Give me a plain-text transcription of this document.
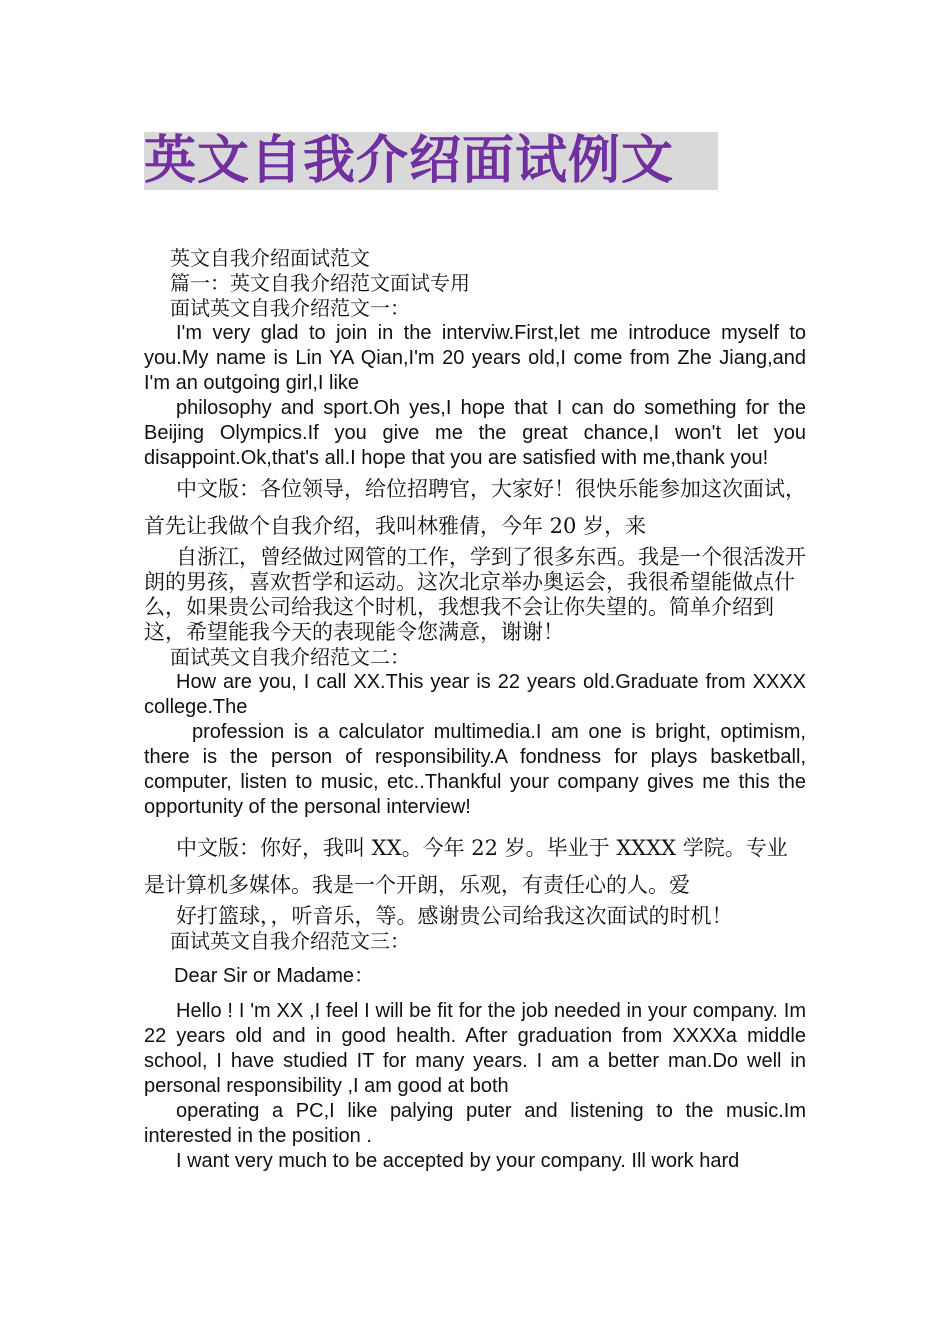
英文自我介绍面试例文

英文自我介绍面试范文

篇一：英文自我介绍范文面试专用

面试英文自我介绍范文一：

I'm very glad to join in the interviw.First,let me introduce myself to you.My name is Lin YA Qian,I'm 20 years old,I come from Zhe Jiang,and I'm an outgoing girl,I like

philosophy and sport.Oh yes,I hope that I can do something for the Beijing Olympics.If you give me the great chance,I won't let you disappoint.Ok,that's all.I hope that you are satisfied with me,thank you!

中文版：各位领导，给位招聘官，大家好！很快乐能参加这次面试，首先让我做个自我介绍，我叫林雅倩，今年 20 岁，来

自浙江，曾经做过网管的工作，学到了很多东西。我是一个很活泼开朗的男孩，喜欢哲学和运动。这次北京举办奥运会，我很希望能做点什么，如果贵公司给我这个时机，我想我不会让你失望的。简单介绍到这，希望能我今天的表现能令您满意，谢谢！

面试英文自我介绍范文二：

How are you, I call XX.This year is 22 years old.Graduate from XXXX college.The

profession is a calculator multimedia.I am one is bright, optimism, there is the person of responsibility.A fondness for plays basketball, computer, listen to music, etc..Thankful your company gives me this the opportunity of the personal interview!

中文版：你好，我叫 XX。今年 22 岁。毕业于 XXXX 学院。专业是计算机多媒体。我是一个开朗，乐观，有责任心的人。爱

好打篮球，，听音乐，等。感谢贵公司给我这次面试的时机！

面试英文自我介绍范文三：

Dear Sir or Madame：

Hello ! I 'm XX ,I feel I will be fit for the job needed in your company. Im 22 years old and in good health. After graduation from XXXXa middle school, I have studied IT for many years. I am a better man.Do well in personal responsibility ,I am good at both

operating a PC,I like palying puter and listening to the music.Im interested in the position .

I want very much to be accepted by your company. Ill work hard
